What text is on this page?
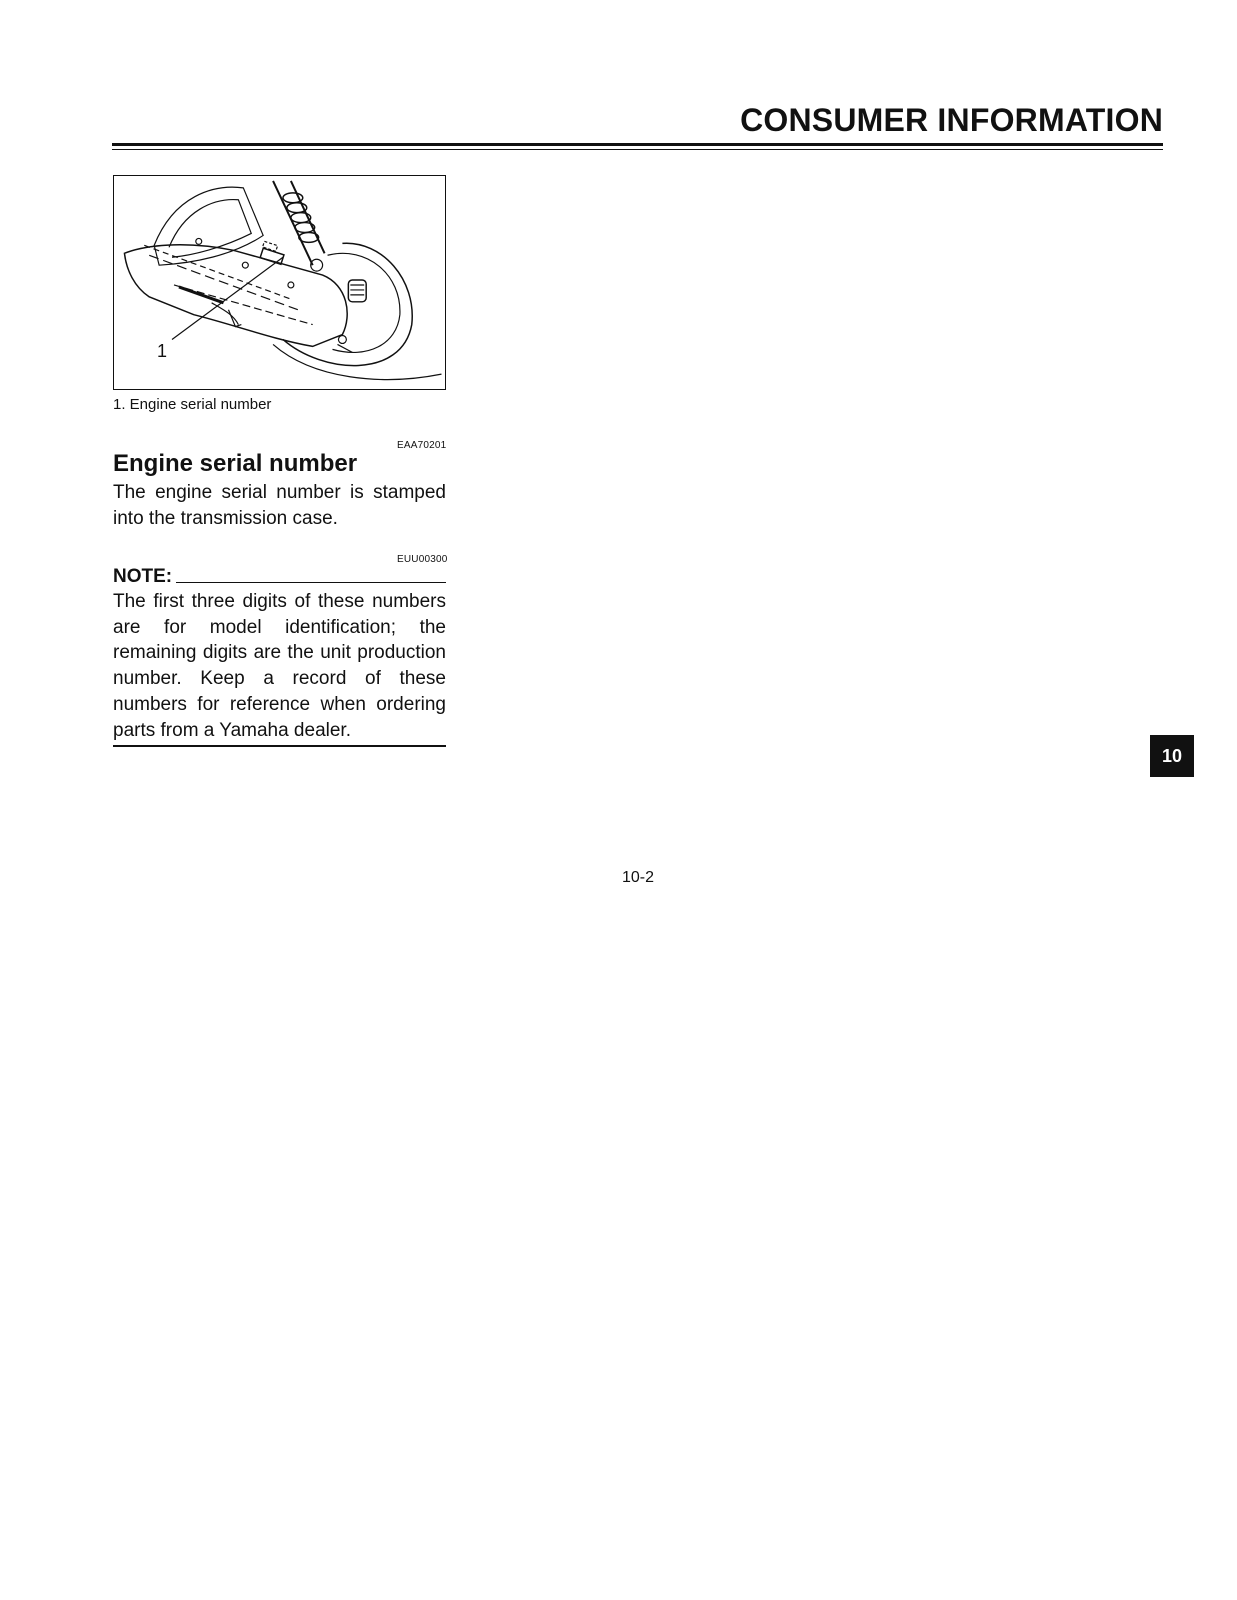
CONSUMER INFORMATION
1
1. Engine serial number
EAA70201
Engine serial number

The engine serial number is stamped into the transmission case.

EUU00300
NOTE:

The first three digits of these numbers are for model identification; the remaining digits are the unit production number. Keep a record of these numbers for reference when ordering parts from a Yamaha dealer.

10
10-2
